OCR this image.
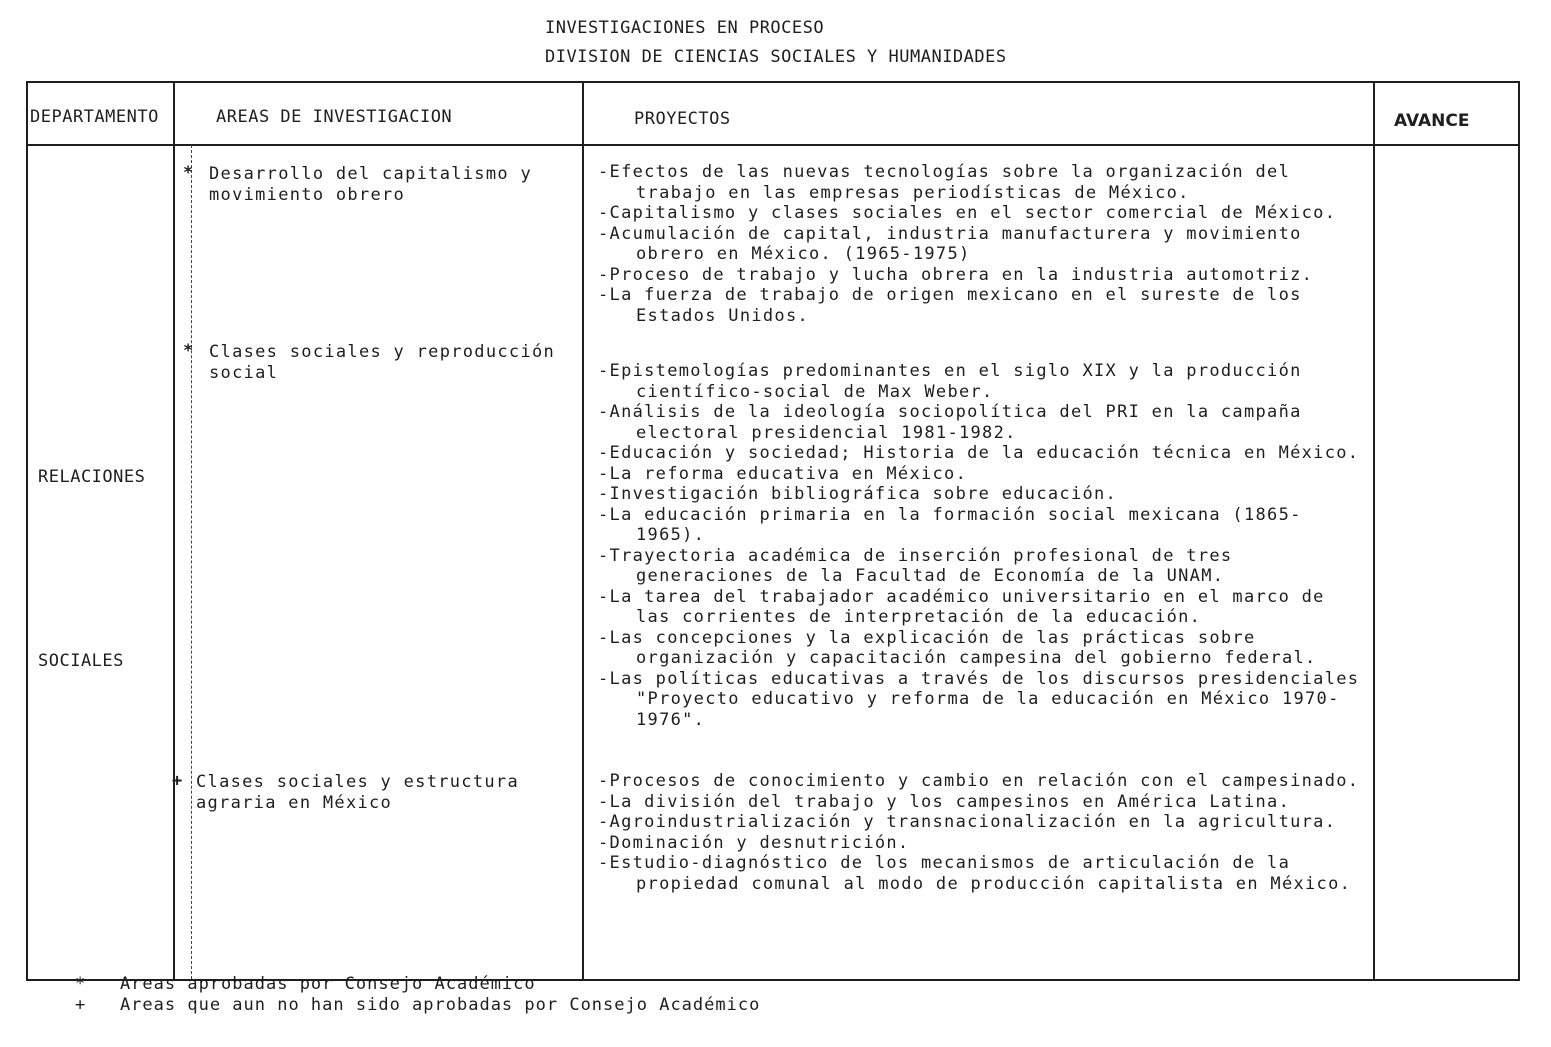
INVESTIGACIONES EN PROCESO
DIVISION DE CIENCIAS SOCIALES Y HUMANIDADES
DEPARTAMENTO	AREAS DE INVESTIGACION	PROYECTOS	AVANCE
RELACIONES
SOCIALES
* Desarrollo del capitalismo y
movimiento obrero
- Efectos de las nuevas tecnologías sobre la organización del trabajo en las empresas periodísticas de México.
- Capitalismo y clases sociales en el sector comercial de México.
- Acumulación de capital, industria manufacturera y movimiento obrero en México. (1965-1975)
- Proceso de trabajo y lucha obrera en la industria automotriz.
- La fuerza de trabajo de origen mexicano en el sureste de los Estados Unidos.
* Clases sociales y reproducción
social
-	Epistemologías predominantes en el siglo XIX y la producción científico-social de Max Weber.
- Análisis de la ideología sociopolítica del PRI en la campaña electoral presidencial 1981-1982.
- Educación y sociedad; Historia de la educación técnica en México.
- La reforma educativa en México.
- Investigación bibliográfica sobre educación.
- La educación primaria en la formación social mexicana (1865-1965).
- Trayectoria académica de inserción profesional de tres generaciones de la Facultad de Economía de la UNAM.
- La tarea del trabajador académico universitario en el marco de las corrientes de interpretación de la educación.
- Las concepciones y la explicación de las prácticas sobre organización y capacitación campesina del gobierno federal.
- Las políticas educativas a través de los discursos presidenciales "Proyecto educativo y reforma de la educación en México 1970-1976".
+ Clases sociales y estructura
agraria en México
- Procesos de conocimiento y cambio en relación con el campesinado.
- La división del trabajo y los campesinos en América Latina.
- Agroindustrialización y transnacionalización en la agricultura.
- Dominación y desnutrición.
- Estudio-diagnóstico de los mecanismos de articulación de la propiedad comunal al modo de producción capitalista en México.
*   Areas aprobadas por Consejo Académico
+   Areas que aun no han sido aprobadas por Consejo Académico
